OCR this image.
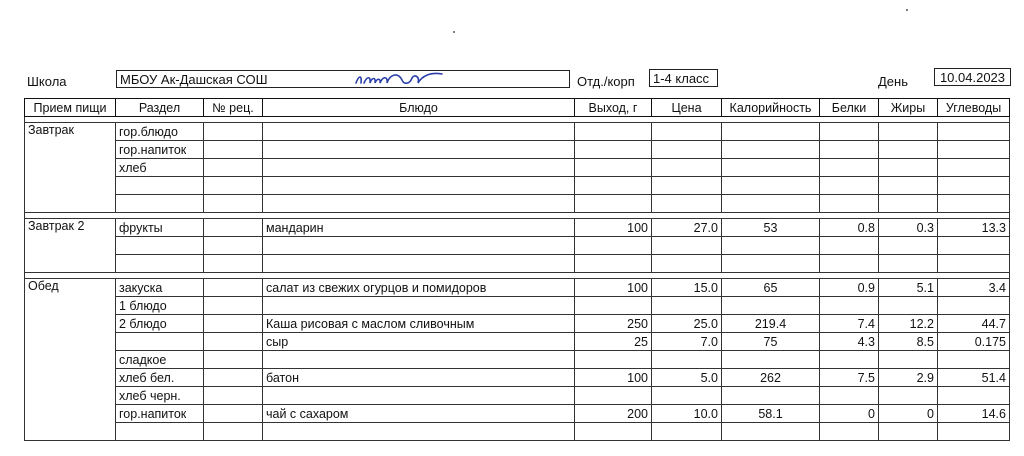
Школа	МБОУ Ак-Дашская СОШ	Отд./корп	1-4 класс	День	10.04.2023
Прием пищи	Раздел	№ рец.	Блюдо	Выход, г	Цена	Калорийность	Белки	Жиры	Углеводы

Завтрак	гор.блюдо								
	гор.напиток								
	хлеб								

Завтрак 2	фрукты		мандарин	100	27.0	53	0.8	0.3	13.3

Обед	закуска		салат из свежих огурцов и помидоров	100	15.0	65	0.9	5.1	3.4
	1 блюдо								
	2 блюдо		Каша рисовая с маслом сливочным	250	25.0	219.4	7.4	12.2	44.7
			сыр	25	7.0	75	4.3	8.5	0.175
	сладкое								
	хлеб бел.		батон	100	5.0	262	7.5	2.9	51.4
	хлеб черн.								
	гор.напиток		чай с сахаром	200	10.0	58.1	0	0	14.6
